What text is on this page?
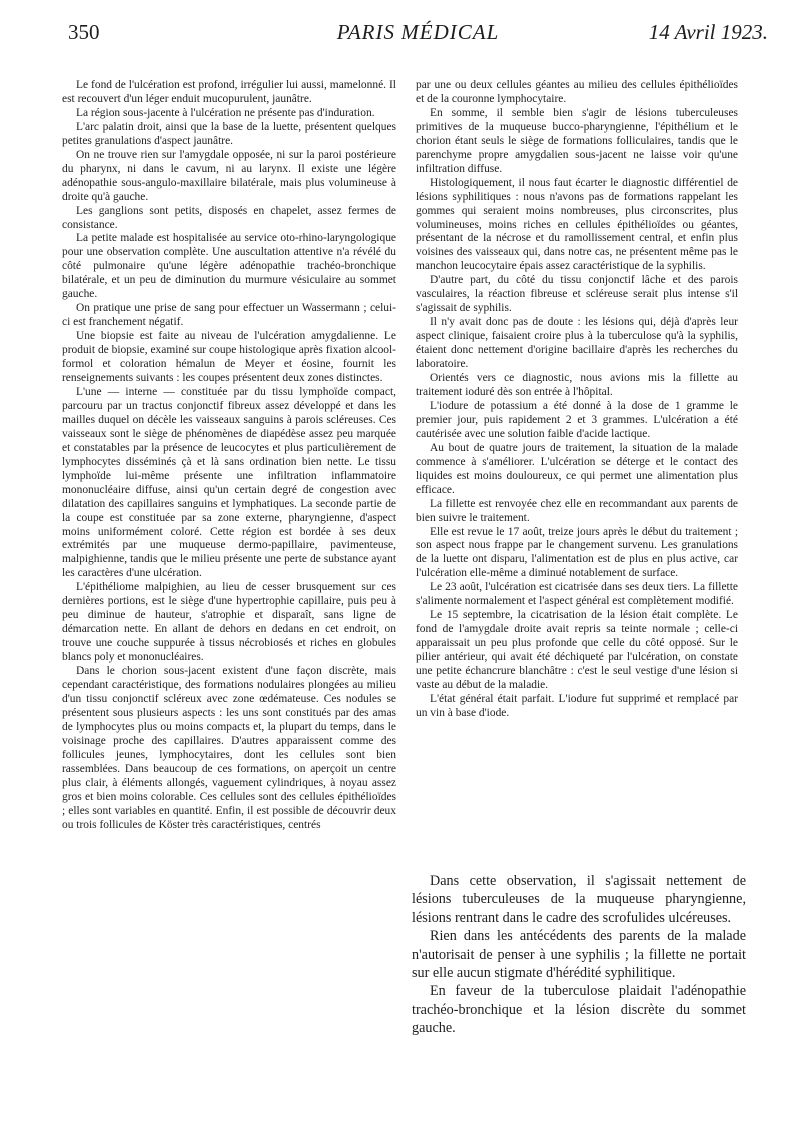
350	PARIS MÉDICAL	14 Avril 1923.

Le fond de l'ulcération est profond, irrégulier lui aussi, mamelonné. Il est recouvert d'un léger enduit mucopurulent, jaunâtre.

La région sous-jacente à l'ulcération ne présente pas d'induration.

L'arc palatin droit, ainsi que la base de la luette, présentent quelques petites granulations d'aspect jaunâtre.

On ne trouve rien sur l'amygdale opposée, ni sur la paroi postérieure du pharynx, ni dans le cavum, ni au larynx. Il existe une légère adénopathie sous-angulo-maxillaire bilatérale, mais plus volumineuse à droite qu'à gauche.

Les ganglions sont petits, disposés en chapelet, assez fermes de consistance.

La petite malade est hospitalisée au service oto-rhino-laryngologique pour une observation complète. Une auscultation attentive n'a révélé du côté pulmonaire qu'une légère adénopathie trachéo-bronchique bilatérale, et un peu de diminution du murmure vésiculaire au sommet gauche.

On pratique une prise de sang pour effectuer un Wassermann ; celui-ci est franchement négatif.

Une biopsie est faite au niveau de l'ulcération amygdalienne. Le produit de biopsie, examiné sur coupe histologique après fixation alcool-formol et coloration hémalun de Meyer et éosine, fournit les renseignements suivants : les coupes présentent deux zones distinctes.

L'une — interne — constituée par du tissu lymphoïde compact, parcouru par un tractus conjonctif fibreux assez développé et dans les mailles duquel on décèle les vaisseaux sanguins à parois scléreuses. Ces vaisseaux sont le siège de phénomènes de diapédèse assez peu marquée et constatables par la présence de leucocytes et plus particulièrement de lymphocytes disséminés çà et là sans ordination bien nette. Le tissu lymphoïde lui-même présente une infiltration inflammatoire mononucléaire diffuse, ainsi qu'un certain degré de congestion avec dilatation des capillaires sanguins et lymphatiques. La seconde partie de la coupe est constituée par sa zone externe, pharyngienne, d'aspect moins uniformément coloré. Cette région est bordée à ses deux extrémités par une muqueuse dermo-papillaire, pavimenteuse, malpighienne, tandis que le milieu présente une perte de substance ayant les caractères d'une ulcération.

L'épithéliome malpighien, au lieu de cesser brusquement sur ces dernières portions, est le siège d'une hypertrophie capillaire, puis peu à peu diminue de hauteur, s'atrophie et disparaît, sans ligne de démarcation nette. En allant de dehors en dedans en cet endroit, on trouve une couche suppurée à tissus nécrobiosés et riches en globules blancs poly et mononucléaires.

Dans le chorion sous-jacent existent d'une façon discrète, mais cependant caractéristique, des formations nodulaires plongées au milieu d'un tissu conjonctif scléreux avec zone œdémateuse. Ces nodules se présentent sous plusieurs aspects : les uns sont constitués par des amas de lymphocytes plus ou moins compacts et, la plupart du temps, dans le voisinage proche des capillaires. D'autres apparaissent comme des follicules jeunes, lymphocytaires, dont les cellules sont bien rassemblées. Dans beaucoup de ces formations, on aperçoit un centre plus clair, à éléments allongés, vaguement cylindriques, à noyau assez gros et bien moins colorable. Ces cellules sont des cellules épithélioïdes ; elles sont variables en quantité. Enfin, il est possible de découvrir deux ou trois follicules de Köster très caractéristiques, centrés

par une ou deux cellules géantes au milieu des cellules épithélioïdes et de la couronne lymphocytaire.

En somme, il semble bien s'agir de lésions tuberculeuses primitives de la muqueuse bucco-pharyngienne, l'épithélium et le chorion étant seuls le siège de formations folliculaires, tandis que le parenchyme propre amygdalien sous-jacent ne laisse voir qu'une infiltration diffuse.

Histologiquement, il nous faut écarter le diagnostic différentiel de lésions syphilitiques : nous n'avons pas de formations rappelant les gommes qui seraient moins nombreuses, plus circonscrites, plus volumineuses, moins riches en cellules épithélioïdes ou géantes, présentant de la nécrose et du ramollissement central, et enfin plus voisines des vaisseaux qui, dans notre cas, ne présentent même pas le manchon leucocytaire épais assez caractéristique de la syphilis.

D'autre part, du côté du tissu conjonctif lâche et des parois vasculaires, la réaction fibreuse et scléreuse serait plus intense s'il s'agissait de syphilis.

Il n'y avait donc pas de doute : les lésions qui, déjà d'après leur aspect clinique, faisaient croire plus à la tuberculose qu'à la syphilis, étaient donc nettement d'origine bacillaire d'après les recherches du laboratoire.

Orientés vers ce diagnostic, nous avions mis la fillette au traitement ioduré dès son entrée à l'hôpital.

L'iodure de potassium a été donné à la dose de 1 gramme le premier jour, puis rapidement 2 et 3 grammes. L'ulcération a été cautérisée avec une solution faible d'acide lactique.

Au bout de quatre jours de traitement, la situation de la malade commence à s'améliorer. L'ulcération se déterge et le contact des liquides est moins douloureux, ce qui permet une alimentation plus efficace.

La fillette est renvoyée chez elle en recommandant aux parents de bien suivre le traitement.

Elle est revue le 17 août, treize jours après le début du traitement ; son aspect nous frappe par le changement survenu. Les granulations de la luette ont disparu, l'alimentation est de plus en plus active, car l'ulcération elle-même a diminué notablement de surface.

Le 23 août, l'ulcération est cicatrisée dans ses deux tiers. La fillette s'alimente normalement et l'aspect général est complètement modifié.

Le 15 septembre, la cicatrisation de la lésion était complète. Le fond de l'amygdale droite avait repris sa teinte normale ; celle-ci apparaissait un peu plus profonde que celle du côté opposé. Sur le pilier antérieur, qui avait été déchiqueté par l'ulcération, on constate une petite échancrure blanchâtre : c'est le seul vestige d'une lésion si vaste au début de la maladie.

L'état général était parfait. L'iodure fut supprimé et remplacé par un vin à base d'iode.

Dans cette observation, il s'agissait nettement de lésions tuberculeuses de la muqueuse pharyngienne, lésions rentrant dans le cadre des scrofulides ulcéreuses.

Rien dans les antécédents des parents de la malade n'autorisait de penser à une syphilis ; la fillette ne portait sur elle aucun stigmate d'hérédité syphilitique.

En faveur de la tuberculose plaidait l'adénopathie trachéo-bronchique et la lésion discrète du sommet gauche.
